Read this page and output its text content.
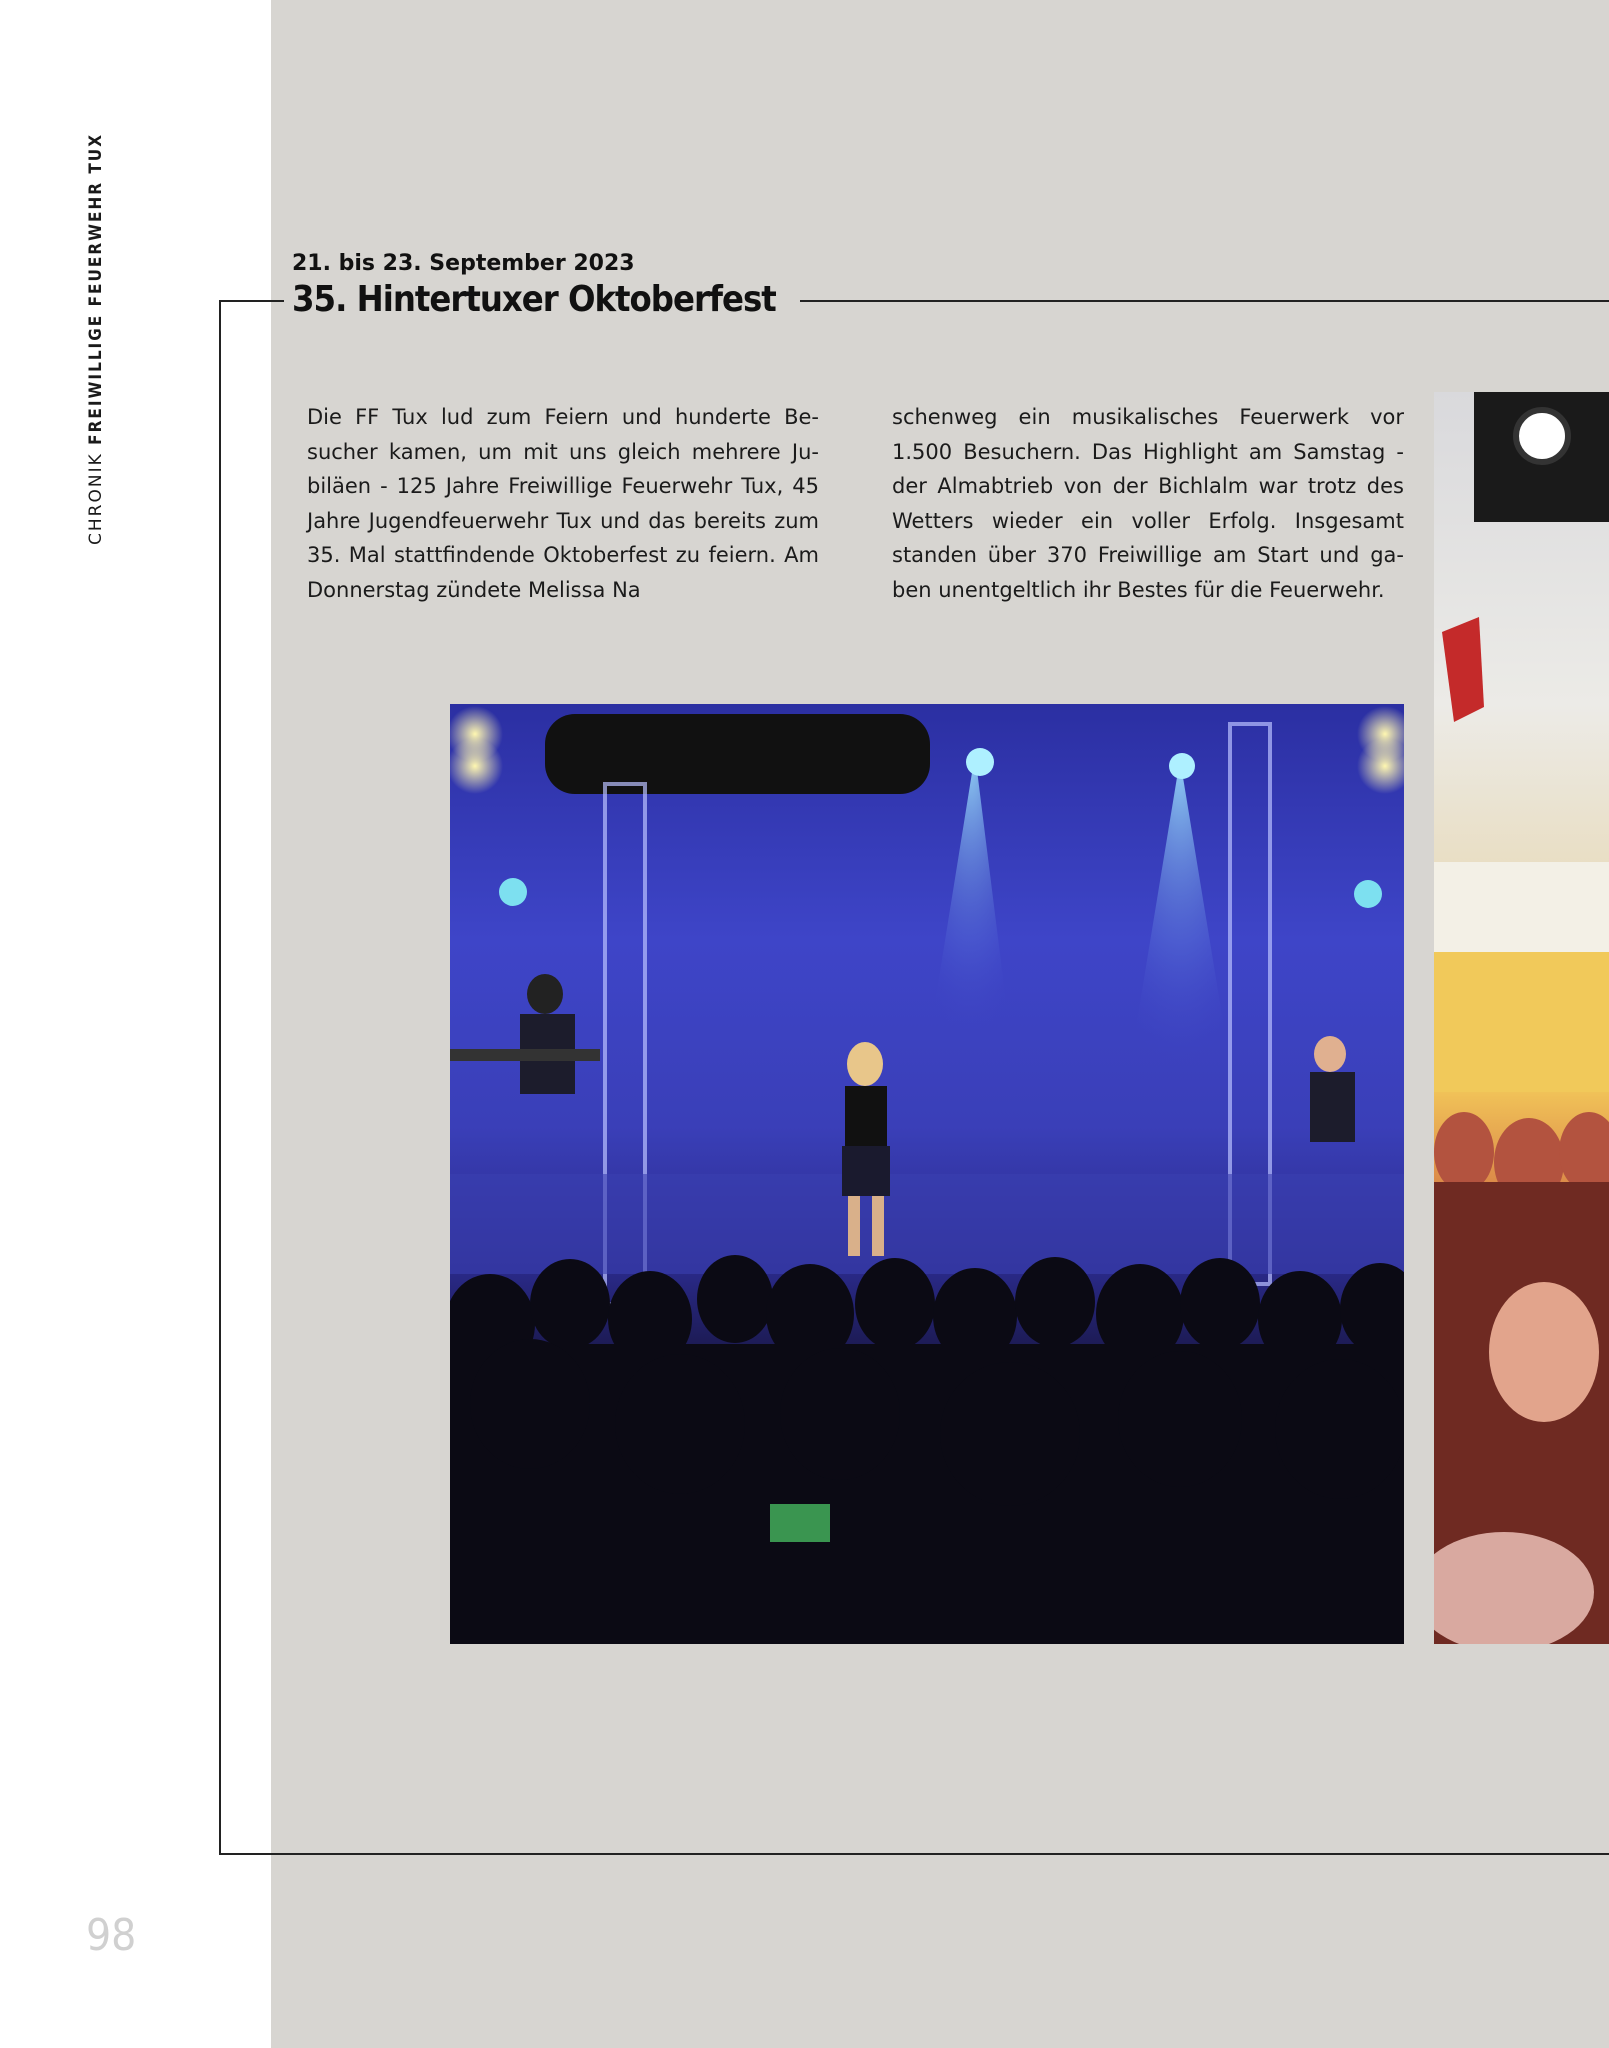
CHRONIK FREIWILLIGE FEUERWEHR TUX	21. bis 23. September 2023

35. Hintertuxer Oktoberfest
Die FF Tux lud zum Feiern und hunderte Besucher kamen, um mit uns gleich mehrere Jubiläen - 125 Jahre Freiwillige Feuerwehr Tux, 45 Jahre Jugendfeuerwehr Tux und das bereits zum 35. Mal stattfindende Oktoberfest zu feiern. Am Donnerstag zündete Melissa Na
schenweg ein musikalisches Feuerwerk vor 1.500 Besuchern. Das Highlight am Samstag - der Almabtrieb von der Bichlalm war trotz des Wetters wieder ein voller Erfolg. Insgesamt standen über 370 Freiwillige am Start und gaben unentgeltlich ihr Bestes für die Feuerwehr.
98
